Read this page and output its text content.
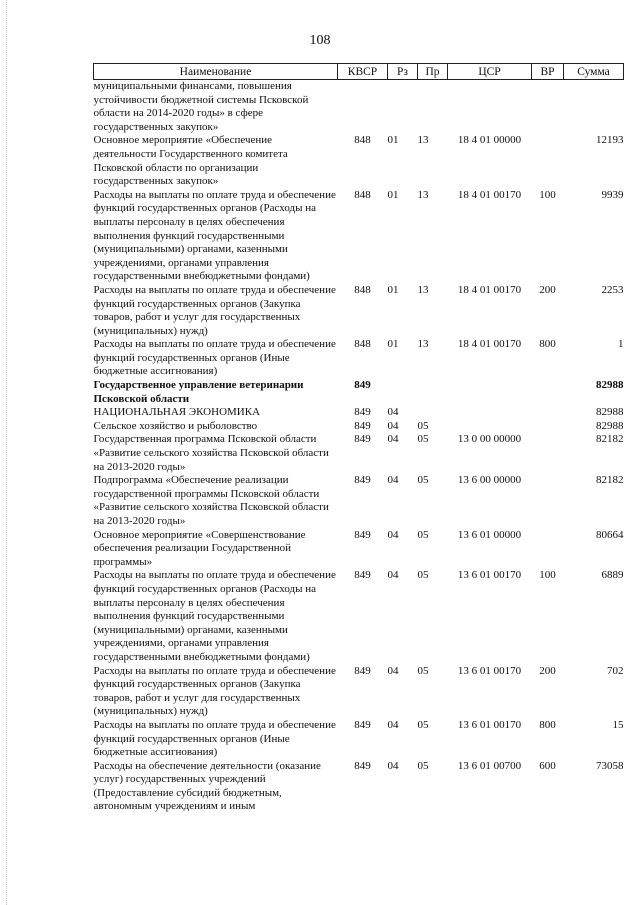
108
Наименование	КВСР	Рз	Пр	ЦСР	ВР	Сумма
муниципальными финансами, повышения устойчивости бюджетной системы Псковской области на 2014-2020 годы» в сфере государственных закупок»						
Основное мероприятие «Обеспечение деятельности Государственного комитета Псковской области по организации государственных закупок»	848	01	13	18 4 01 00000		12193
Расходы на выплаты по оплате труда и обеспечение функций государственных органов (Расходы на выплаты персоналу в целях обеспечения выполнения функций государственными (муниципальными) органами, казенными учреждениями, органами управления государственными внебюджетными фондами)	848	01	13	18 4 01 00170	100	9939
Расходы на выплаты по оплате труда и обеспечение функций государственных органов (Закупка товаров, работ и услуг для государственных (муниципальных) нужд)	848	01	13	18 4 01 00170	200	2253
Расходы на выплаты по оплате труда и обеспечение функций государственных органов (Иные бюджетные ассигнования)	848	01	13	18 4 01 00170	800	1
Государственное управление ветеринарии Псковской области	849					82988
НАЦИОНАЛЬНАЯ ЭКОНОМИКА	849	04				82988
Сельское хозяйство и рыболовство	849	04	05			82988
Государственная программа Псковской области «Развитие сельского хозяйства Псковской области на 2013-2020 годы»	849	04	05	13 0 00 00000		82182
Подпрограмма «Обеспечение реализации государственной программы Псковской области «Развитие сельского хозяйства Псковской области на 2013-2020 годы»	849	04	05	13 6 00 00000		82182
Основное мероприятие «Совершенствование обеспечения реализации Государственной программы»	849	04	05	13 6 01 00000		80664
Расходы на выплаты по оплате труда и обеспечение функций государственных органов (Расходы на выплаты персоналу в целях обеспечения выполнения функций государственными (муниципальными) органами, казенными учреждениями, органами управления государственными внебюджетными фондами)	849	04	05	13 6 01 00170	100	6889
Расходы на выплаты по оплате труда и обеспечение функций государственных органов (Закупка товаров, работ и услуг для государственных (муниципальных) нужд)	849	04	05	13 6 01 00170	200	702
Расходы на выплаты по оплате труда и обеспечение функций государственных органов (Иные бюджетные ассигнования)	849	04	05	13 6 01 00170	800	15
Расходы на обеспечение деятельности (оказание услуг) государственных учреждений (Предоставление субсидий бюджетным, автономным учреждениям и иным	849	04	05	13 6 01 00700	600	73058
